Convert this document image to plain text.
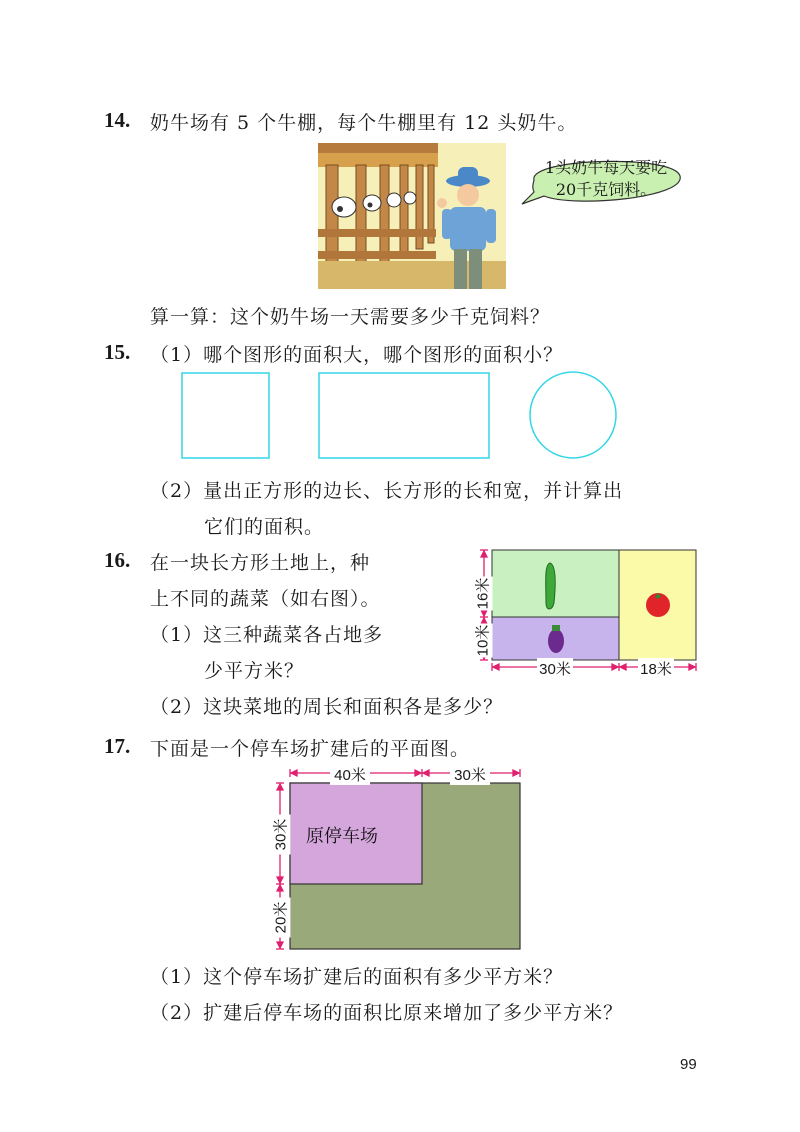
14. 奶牛场有 5 个牛棚，每个牛棚里有 12 头奶牛。
1头奶牛每天要吃
20千克饲料。
算一算：这个奶牛场一天需要多少千克饲料？
15. （1）哪个图形的面积大，哪个图形的面积小？
（2）量出正方形的边长、长方形的长和宽，并计算出
它们的面积。
16. 在一块长方形土地上，种
上不同的蔬菜（如右图）。
（1）这三种蔬菜各占地多
少平方米？
（2）这块菜地的周长和面积各是多少？
16米
10米
30米	18米
17. 下面是一个停车场扩建后的平面图。
40米	30米
30米
20米
原停车场
（1）这个停车场扩建后的面积有多少平方米？
（2）扩建后停车场的面积比原来增加了多少平方米？
99
